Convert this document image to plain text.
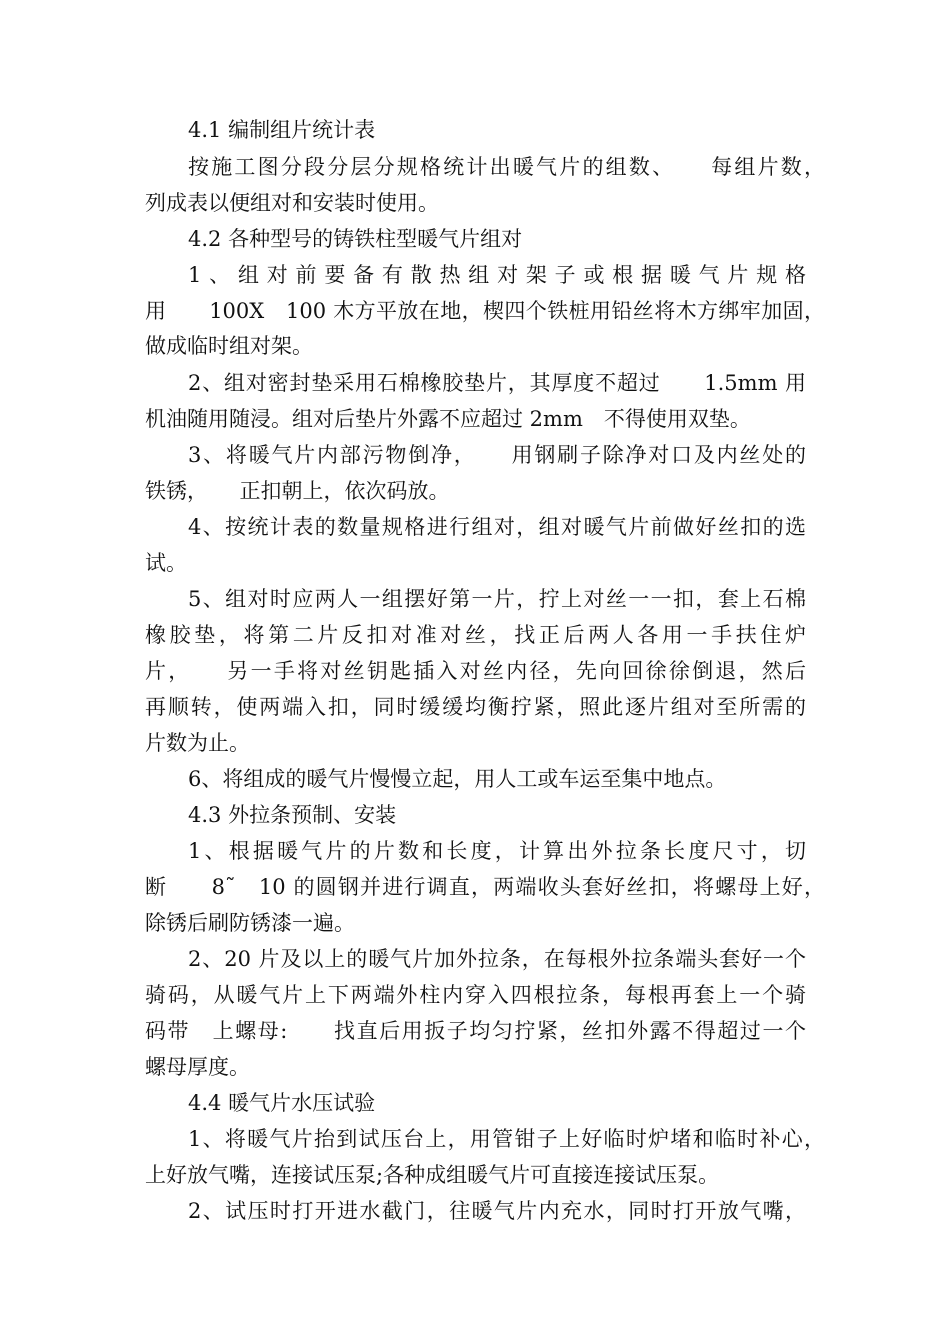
4.1 编制组片统计表
按施工图分段分层分规格统计出暖气片的组数、　　每组片数，
列成表以便组对和安装时使用。
4.2 各种型号的铸铁柱型暖气片组对
1、组对前要备有散热组对架子或根据暖气片规格
用　　100X　100 木方平放在地，楔四个铁桩用铅丝将木方绑牢加固，
做成临时组对架。
2、组对密封垫采用石棉橡胶垫片，其厚度不超过　　1.5mm 用
机油随用随浸。组对后垫片外露不应超过 2mm　不得使用双垫。
3、将暖气片内部污物倒净，　　用钢刷子除净对口及内丝处的
铁锈，　　正扣朝上，依次码放。
4、按统计表的数量规格进行组对，组对暖气片前做好丝扣的选
试。
5、组对时应两人一组摆好第一片，拧上对丝一一扣，套上石棉
橡胶垫，将第二片反扣对准对丝，找正后两人各用一手扶住炉
片，　　另一手将对丝钥匙插入对丝内径，先向回徐徐倒退，然后
再顺转，使两端入扣，同时缓缓均衡拧紧，照此逐片组对至所需的
片数为止。
6、将组成的暖气片慢慢立起，用人工或车运至集中地点。
4.3 外拉条预制、安装
1、根据暖气片的片数和长度，计算出外拉条长度尺寸，切
断　　8˜　10 的圆钢并进行调直，两端收头套好丝扣，将螺母上好，
除锈后刷防锈漆一遍。
2、20 片及以上的暖气片加外拉条，在每根外拉条端头套好一个
骑码，从暖气片上下两端外柱内穿入四根拉条，每根再套上一个骑
码带　上螺母:　　找直后用扳子均匀拧紧，丝扣外露不得超过一个
螺母厚度。
4.4 暖气片水压试验
1、将暖气片抬到试压台上，用管钳子上好临时炉堵和临时补心，
上好放气嘴，连接试压泵;各种成组暖气片可直接连接试压泵。
2、试压时打开进水截门，往暖气片内充水，同时打开放气嘴，
